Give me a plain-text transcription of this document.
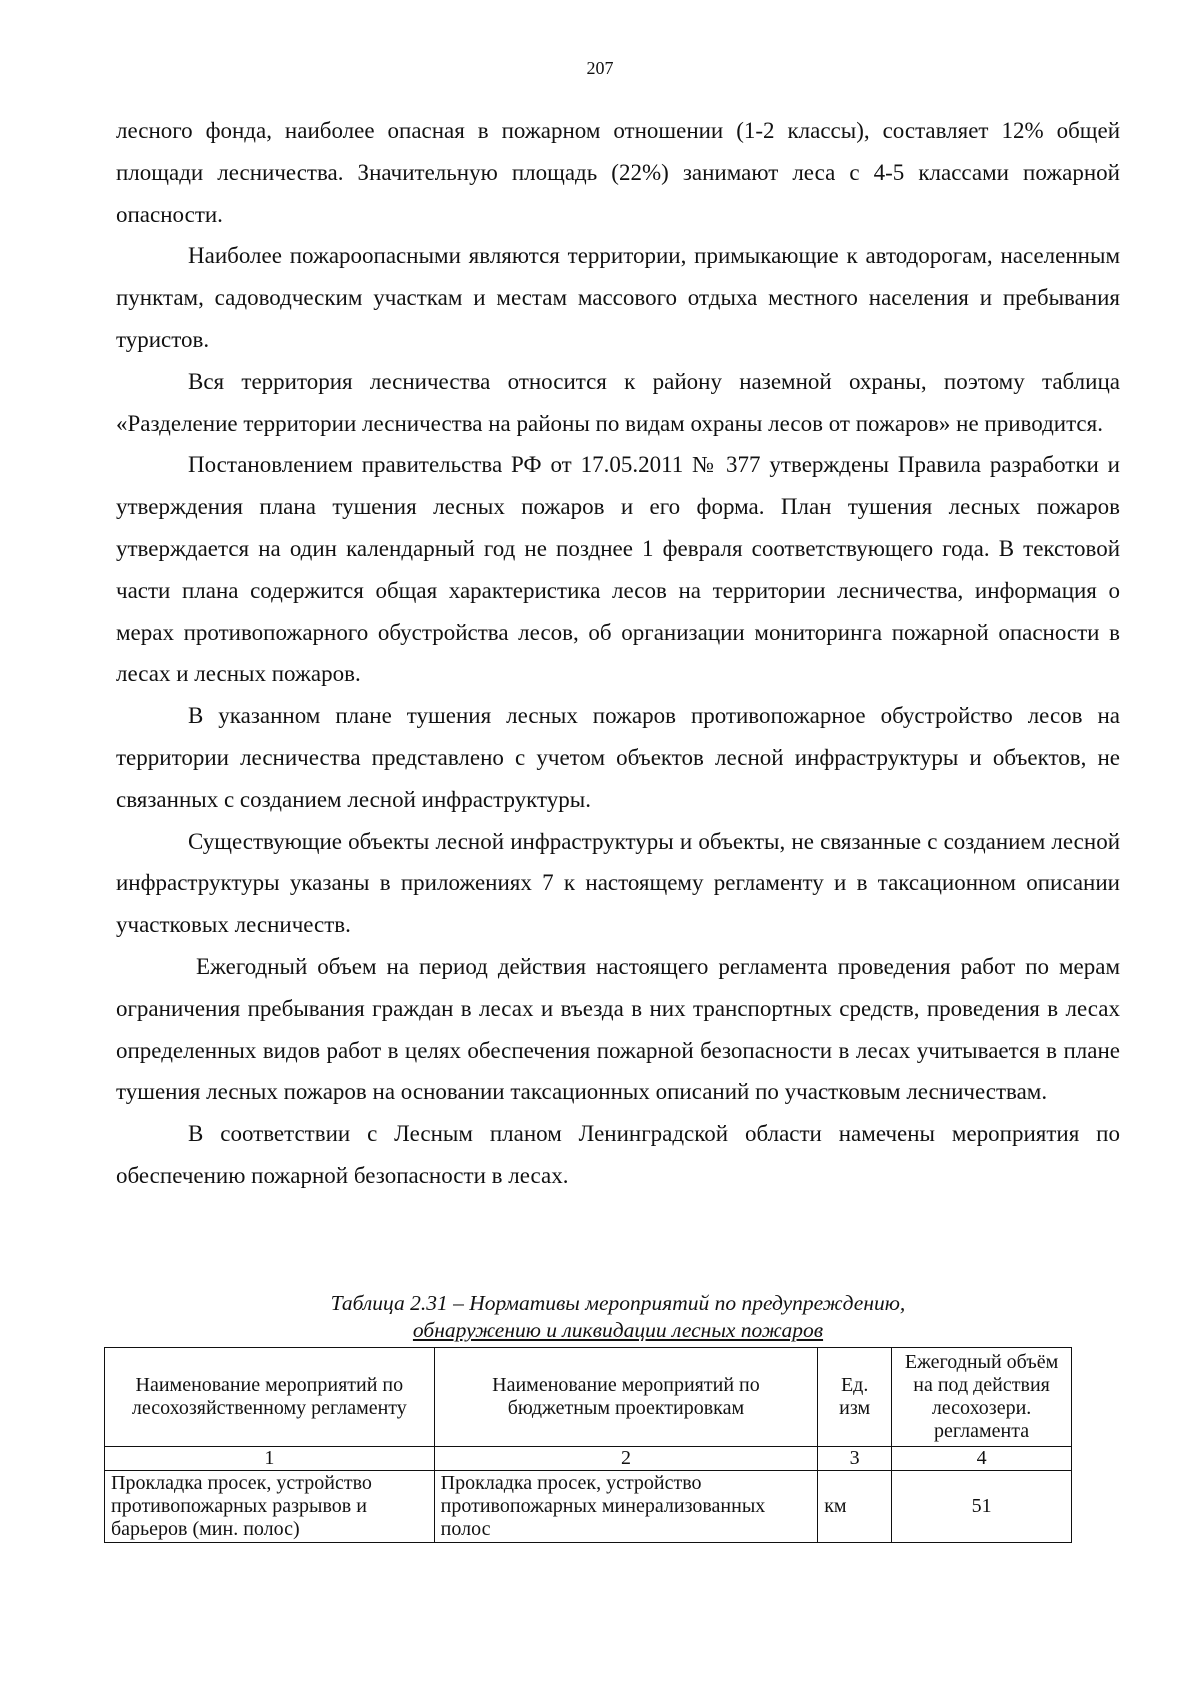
207

лесного фонда, наиболее опасная в пожарном отношении (1-2 классы), составляет 12% общей площади лесничества. Значительную площадь (22%) занимают леса с 4-5 классами пожарной опасности.

Наиболее пожароопасными являются территории, примыкающие к автодорогам, населенным пунктам, садоводческим участкам и местам массового отдыха местного населения и пребывания туристов.

Вся территория лесничества относится к району наземной охраны, поэтому таблица «Разделение территории лесничества на районы по видам охраны лесов от пожаров» не приводится.

Постановлением правительства РФ от 17.05.2011 № 377 утверждены Правила разработки и утверждения плана тушения лесных пожаров и его форма. План тушения лесных пожаров утверждается на один календарный год не позднее 1 февраля соответствующего года. В текстовой части плана содержится общая характеристика лесов на территории лесничества, информация о мерах противопожарного обустройства лесов, об организации мониторинга пожарной опасности в лесах и лесных пожаров.

В указанном плане тушения лесных пожаров противопожарное обустройство лесов на территории лесничества представлено с учетом объектов лесной инфраструктуры и объектов, не связанных с созданием лесной инфраструктуры.

Существующие объекты лесной инфраструктуры и объекты, не связанные с созданием лесной инфраструктуры указаны в приложениях 7 к настоящему регламенту и в таксационном описании участковых лесничеств.

Ежегодный объем на период действия настоящего регламента проведения работ по мерам ограничения пребывания граждан в лесах и въезда в них транспортных средств, проведения в лесах определенных видов работ в целях обеспечения пожарной безопасности в лесах учитывается в плане тушения лесных пожаров на основании таксационных описаний по участковым лесничествам.

В соответствии с Лесным планом Ленинградской области намечены мероприятия по обеспечению пожарной безопасности в лесах.

Таблица 2.31 – Нормативы мероприятий по предупреждению,
обнаружению и ликвидации лесных пожаров
Наименование мероприятий по лесохозяйственному регламенту	Наименование мероприятий по бюджетным проектировкам	Ед. изм	Ежегодный объём на под действия лесохозери. регламента
1	2	3	4
Прокладка просек, устройство противопожарных разрывов и барьеров (мин. полос)	Прокладка просек, устройство противопожарных минерализованных полос	км	51
